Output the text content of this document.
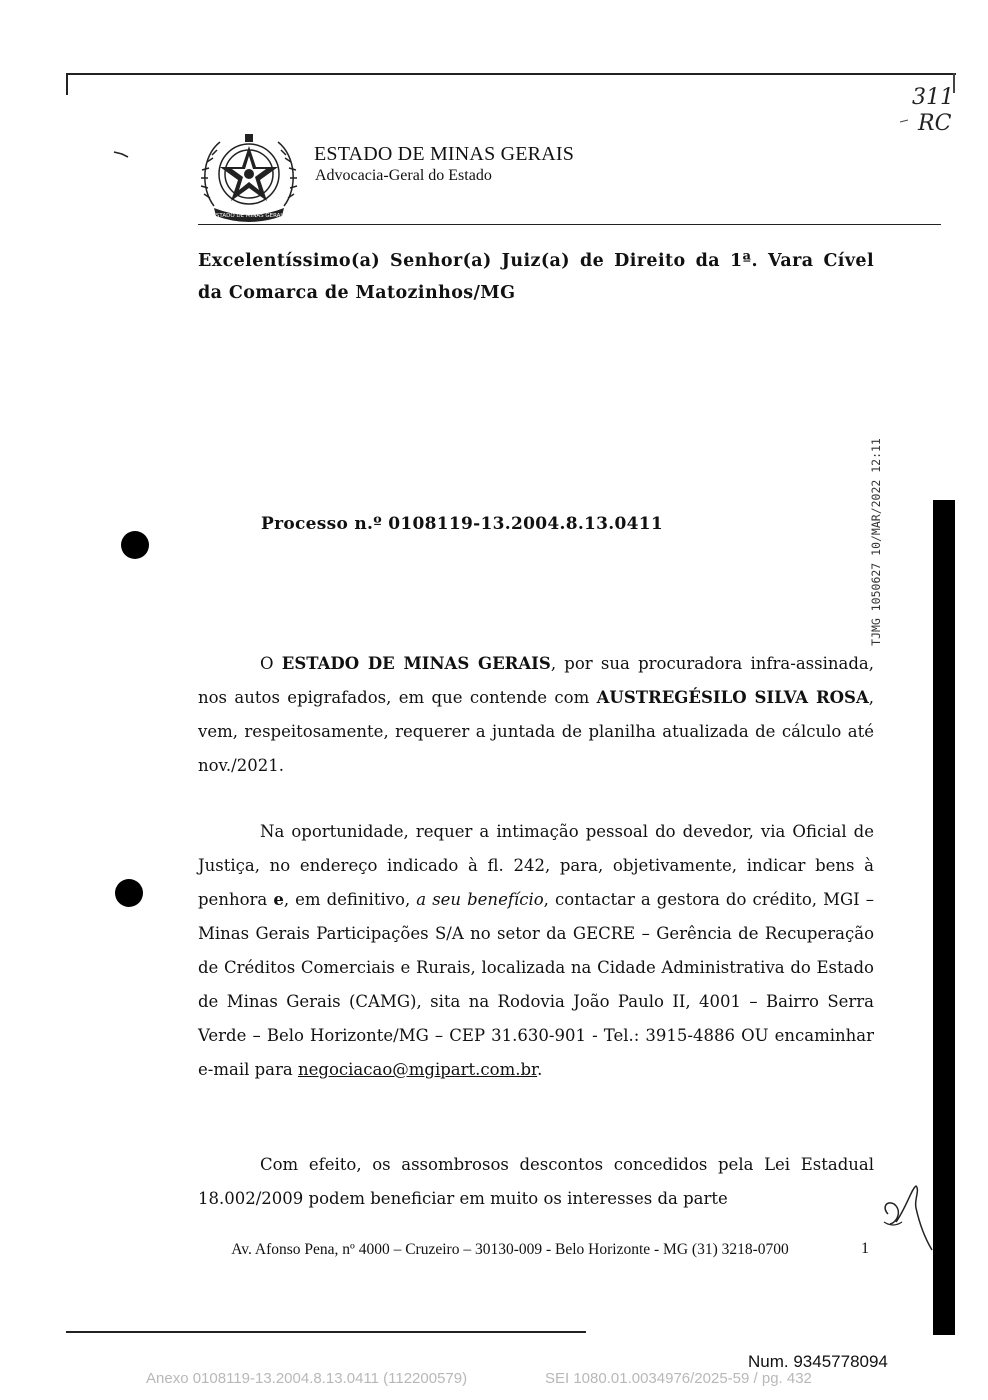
311
RC
ESTADO DE MINAS GERAIS
ESTADO DE MINAS GERAIS
Advocacia-Geral do Estado
Excelentíssimo(a) Senhor(a) Juiz(a) de Direito da 1ª. Vara Cível da Comarca de Matozinhos/MG
Processo n.º 0108119-13.2004.8.13.0411	TJMG 1050627 10/MAR/2022 12:11
O ESTADO DE MINAS GERAIS, por sua procuradora infra-assinada, nos autos epigrafados, em que contende com AUSTREGÉSILO SILVA ROSA, vem, respeitosamente, requerer a juntada de planilha atualizada de cálculo até nov./2021.
Na oportunidade, requer a intimação pessoal do devedor, via Oficial de Justiça, no endereço indicado à fl. 242, para, objetivamente, indicar bens à penhora e, em definitivo, a seu benefício, contactar a gestora do crédito, MGI – Minas Gerais Participações S/A no setor da GECRE – Gerência de Recuperação de Créditos Comerciais e Rurais, localizada na Cidade Administrativa do Estado de Minas Gerais (CAMG), sita na Rodovia João Paulo II, 4001 – Bairro Serra Verde – Belo Horizonte/MG – CEP 31.630-901 - Tel.: 3915-4886 OU encaminhar e-mail para negociacao@mgipart.com.br.
Com efeito, os assombrosos descontos concedidos pela Lei Estadual 18.002/2009 podem beneficiar em muito os interesses da parte
Av. Afonso Pena, nº 4000 – Cruzeiro – 30130-009 - Belo Horizonte - MG (31) 3218-0700	1
Num. 9345778094
Anexo 0108119-13.2004.8.13.0411 (112200579)	SEI 1080.01.0034976/2025-59 / pg. 432
